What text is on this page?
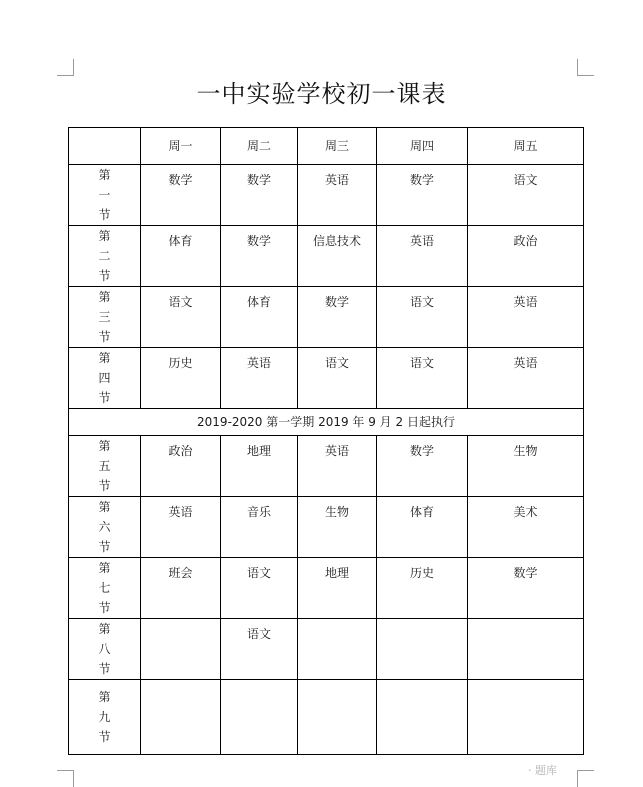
一中实验学校初一课表
	周一	周二	周三	周四	周五

第
一
节	数学	数学	英语	数学	语文

第
二
节	体育	数学	信息技术	英语	政治

第
三
节	语文	体育	数学	语文	英语

第
四
节	历史	英语	语文	语文	英语
2019-2020 第一学期 2019 年 9 月 2 日起执行					

第
五
节	政治	地理	英语	数学	生物

第
六
节	英语	音乐	生物	体育	美术

第
七
节	班会	语文	地理	历史	数学

第
八
节		语文			

第
九
节					

· 题库
